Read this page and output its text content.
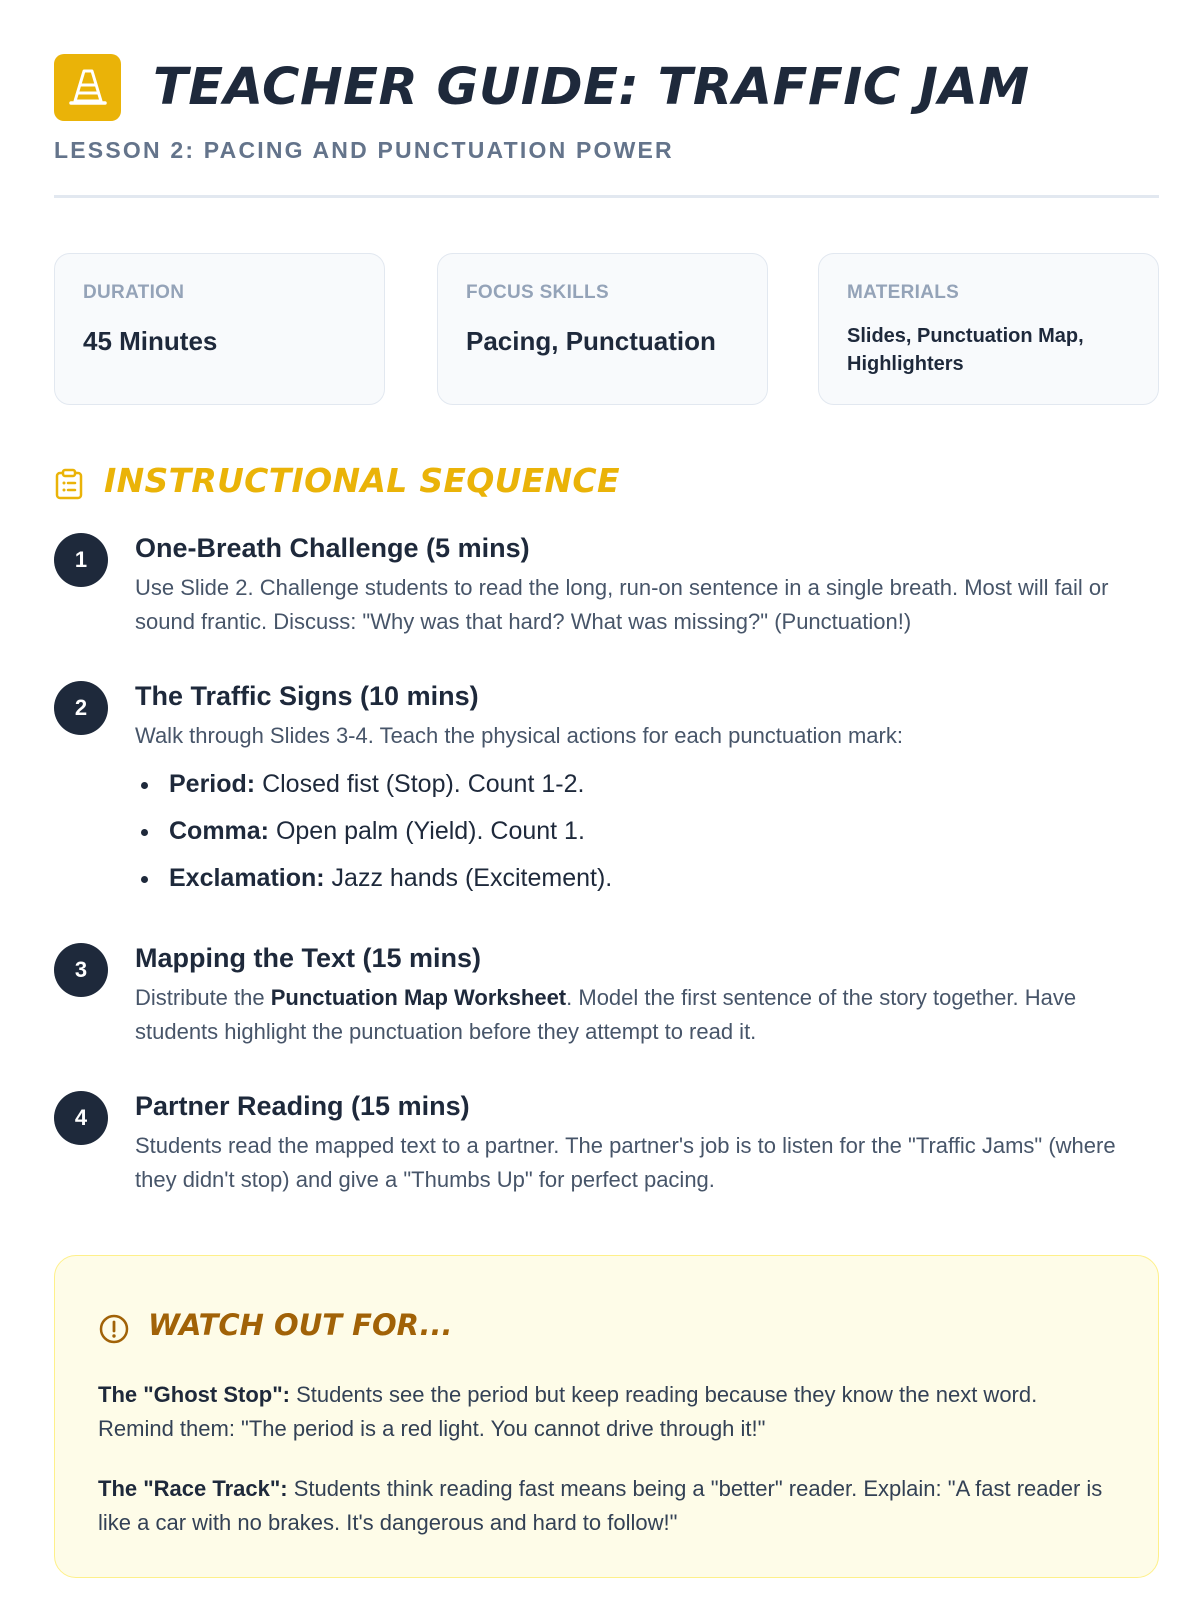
TEACHER GUIDE: TRAFFIC JAM
LESSON 2: PACING AND PUNCTUATION POWER
DURATION
45 Minutes
FOCUS SKILLS
Pacing, Punctuation
MATERIALS
Slides, Punctuation Map, Highlighters
INSTRUCTIONAL SEQUENCE
1	One-Breath Challenge (5 mins)
Use Slide 2. Challenge students to read the long, run-on sentence in a single breath. Most will fail or sound frantic. Discuss: "Why was that hard? What was missing?" (Punctuation!)
2	The Traffic Signs (10 mins)
Walk through Slides 3-4. Teach the physical actions for each punctuation mark:
Period: Closed fist (Stop). Count 1-2.
Comma: Open palm (Yield). Count 1.
Exclamation: Jazz hands (Excitement).
3	Mapping the Text (15 mins)
Distribute the Punctuation Map Worksheet. Model the first sentence of the story together. Have students highlight the punctuation before they attempt to read it.
4	Partner Reading (15 mins)
Students read the mapped text to a partner. The partner's job is to listen for the "Traffic Jams" (where they didn't stop) and give a "Thumbs Up" for perfect pacing.
WATCH OUT FOR...
The "Ghost Stop": Students see the period but keep reading because they know the next word. Remind them: "The period is a red light. You cannot drive through it!"
The "Race Track": Students think reading fast means being a "better" reader. Explain: "A fast reader is like a car with no brakes. It's dangerous and hard to follow!"
